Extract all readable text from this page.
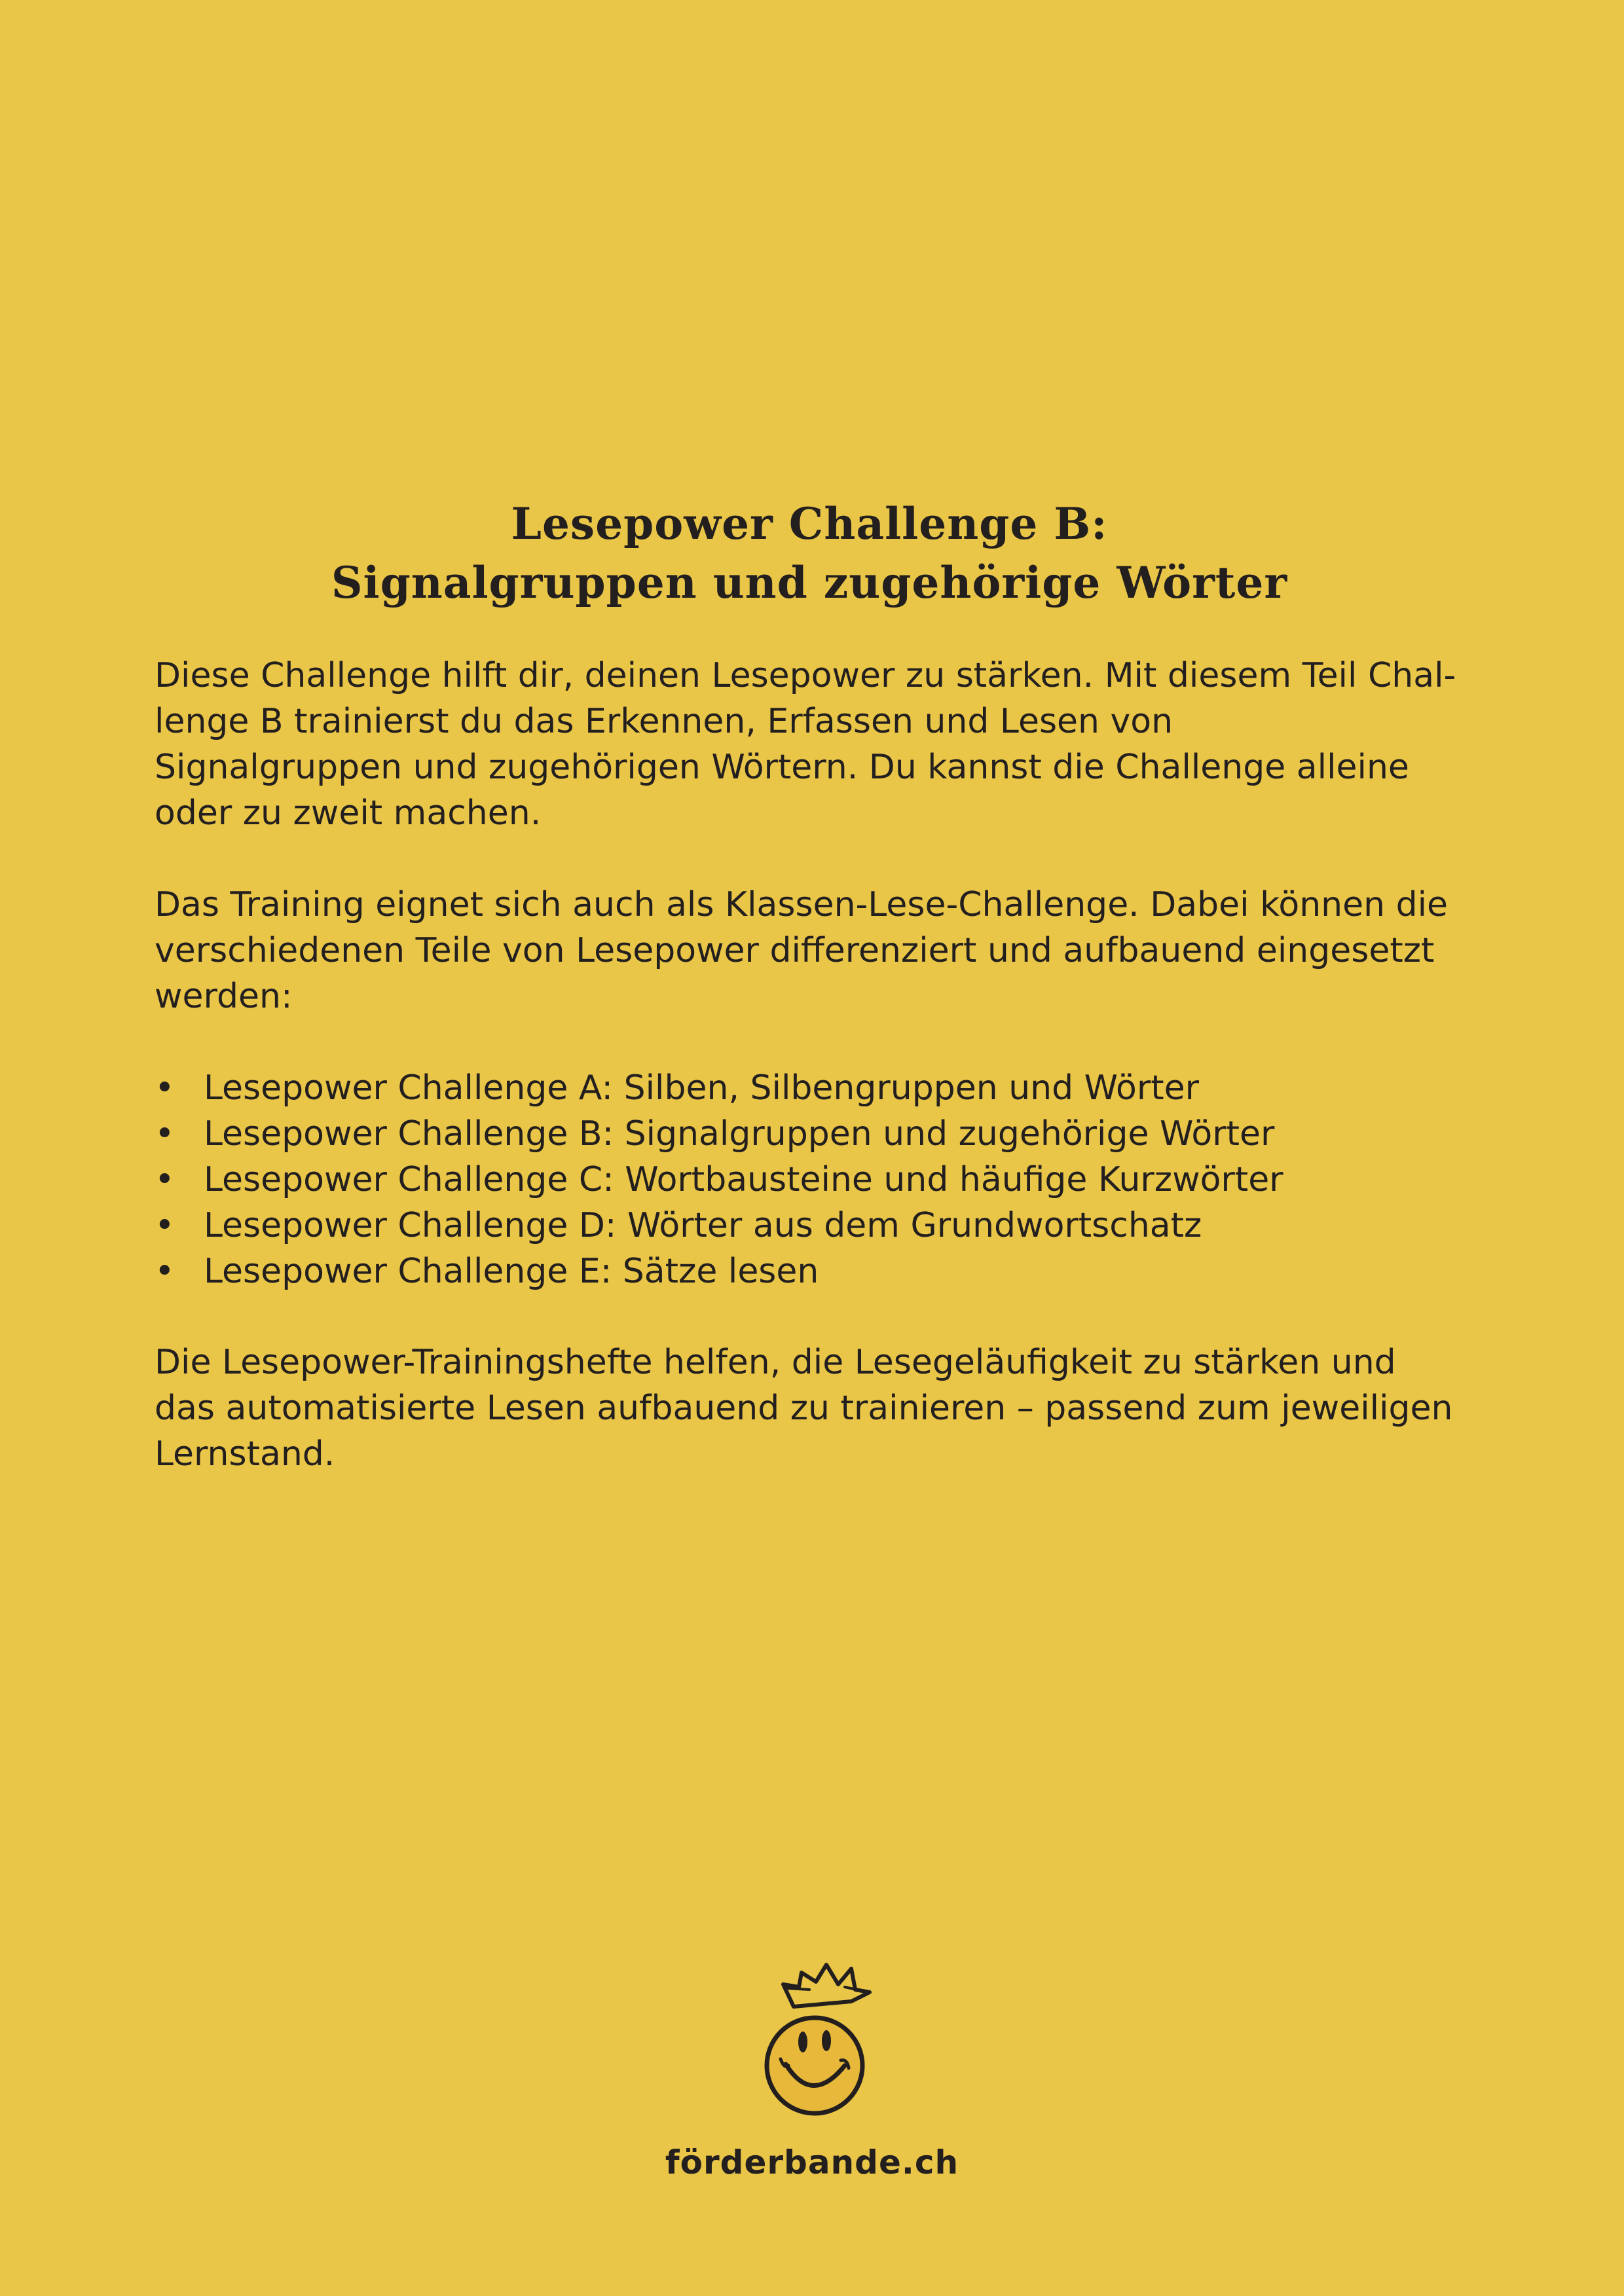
Lesepower Challenge B:
Signalgruppen und zugehörige Wörter

Diese Challenge hilft dir, deinen Lesepower zu stärken. Mit diesem Teil Chal-
lenge B trainierst du das Erkennen, Erfassen und Lesen von
Signalgruppen und zugehörigen Wörtern. Du kannst die Challenge alleine
oder zu zweit machen.

Das Training eignet sich auch als Klassen-Lese-Challenge. Dabei können die
verschiedenen Teile von Lesepower differenziert und aufbauend eingesetzt
werden:

• Lesepower Challenge A: Silben, Silbengruppen und Wörter
• Lesepower Challenge B: Signalgruppen und zugehörige Wörter
• Lesepower Challenge C: Wortbausteine und häufige Kurzwörter
• Lesepower Challenge D: Wörter aus dem Grundwortschatz
• Lesepower Challenge E: Sätze lesen

Die Lesepower-Trainingshefte helfen, die Lesegeläufigkeit zu stärken und
das automatisierte Lesen aufbauend zu trainieren – passend zum jeweiligen
Lernstand.

förderbande.ch
